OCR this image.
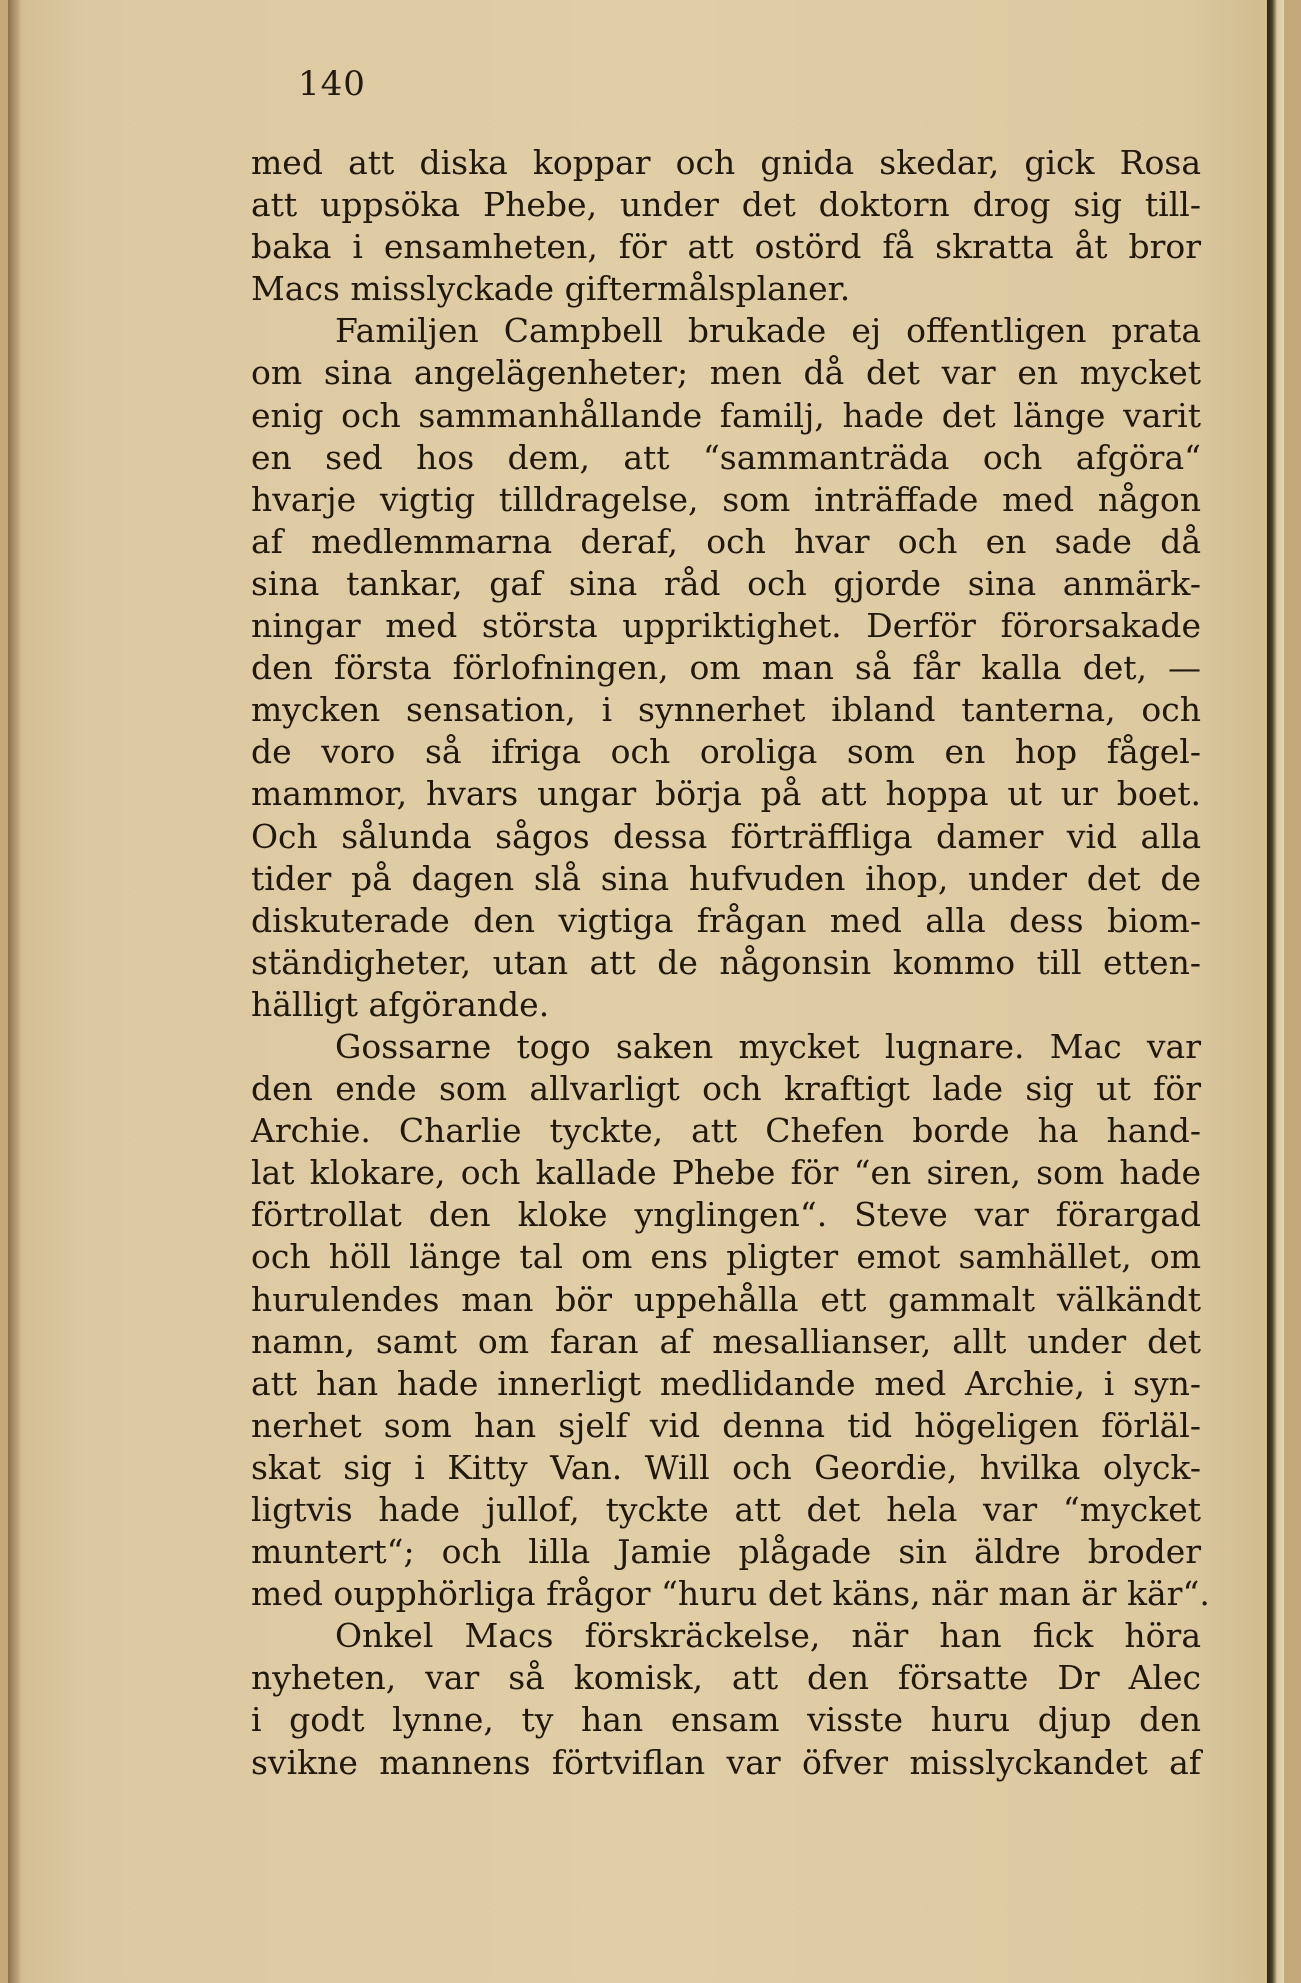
140
med att diska koppar och gnida skedar, gick Rosa
att uppsöka Phebe, under det doktorn drog sig till-
baka i ensamheten, för att ostörd få skratta åt bror
Macs misslyckade giftermålsplaner.
Familjen Campbell brukade ej offentligen prata
om sina angelägenheter; men då det var en mycket
enig och sammanhållande familj, hade det länge varit
en sed hos dem, att “sammanträda och afgöra“
hvarje vigtig tilldragelse, som inträffade med någon
af medlemmarna deraf, och hvar och en sade då
sina tankar, gaf sina råd och gjorde sina anmärk-
ningar med största uppriktighet. Derför förorsakade
den första förlofningen, om man så får kalla det, —
mycken sensation, i synnerhet ibland tanterna, och
de voro så ifriga och oroliga som en hop fågel-
mammor, hvars ungar börja på att hoppa ut ur boet.
Och sålunda sågos dessa förträffliga damer vid alla
tider på dagen slå sina hufvuden ihop, under det de
diskuterade den vigtiga frågan med alla dess biom-
ständigheter, utan att de någonsin kommo till etten-
hälligt afgörande.
Gossarne togo saken mycket lugnare. Mac var
den ende som allvarligt och kraftigt lade sig ut för
Archie. Charlie tyckte, att Chefen borde ha hand-
lat klokare, och kallade Phebe för “en siren, som hade
förtrollat den kloke ynglingen“. Steve var förargad
och höll länge tal om ens pligter emot samhället, om
hurulendes man bör uppehålla ett gammalt välkändt
namn, samt om faran af mesallianser, allt under det
att han hade innerligt medlidande med Archie, i syn-
nerhet som han sjelf vid denna tid högeligen förläl-
skat sig i Kitty Van. Will och Geordie, hvilka olyck-
ligtvis hade jullof, tyckte att det hela var “mycket
muntert“; och lilla Jamie plågade sin äldre broder
med oupphörliga frågor “huru det käns, när man är kär“.
Onkel Macs förskräckelse, när han fick höra
nyheten, var så komisk, att den försatte Dr Alec
i godt lynne, ty han ensam visste huru djup den
svikne mannens förtviflan var öfver misslyckandet af
